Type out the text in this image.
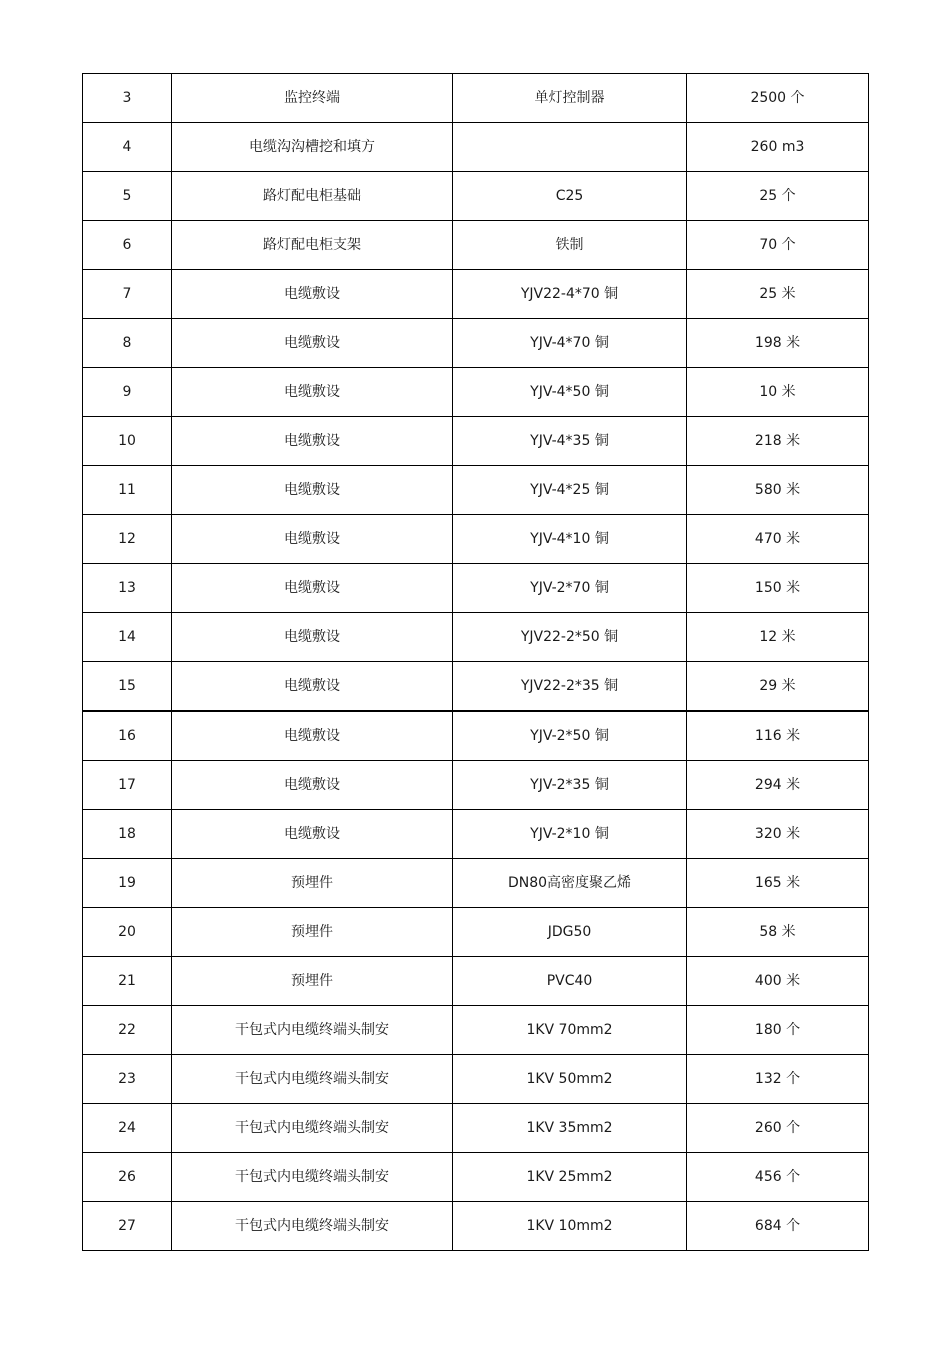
3	监控终端	单灯控制器	2500 个
4	电缆沟沟槽挖和填方		260 m3
5	路灯配电柜基础	C25	25 个
6	路灯配电柜支架	铁制	70 个
7	电缆敷设	YJV22-4*70 铜	25 米
8	电缆敷设	YJV-4*70 铜	198 米
9	电缆敷设	YJV-4*50 铜	10 米
10	电缆敷设	YJV-4*35 铜	218 米
11	电缆敷设	YJV-4*25 铜	580 米
12	电缆敷设	YJV-4*10 铜	470 米
13	电缆敷设	YJV-2*70 铜	150 米
14	电缆敷设	YJV22-2*50 铜	12 米
15	电缆敷设	YJV22-2*35 铜	29 米
16	电缆敷设	YJV-2*50 铜	116 米
17	电缆敷设	YJV-2*35 铜	294 米
18	电缆敷设	YJV-2*10 铜	320 米
19	预埋件	DN80高密度聚乙烯	165 米
20	预埋件	JDG50	58 米
21	预埋件	PVC40	400 米
22	干包式内电缆终端头制安	1KV 70mm2	180 个
23	干包式内电缆终端头制安	1KV 50mm2	132 个
24	干包式内电缆终端头制安	1KV 35mm2	260 个
26	干包式内电缆终端头制安	1KV 25mm2	456 个
27	干包式内电缆终端头制安	1KV 10mm2	684 个
